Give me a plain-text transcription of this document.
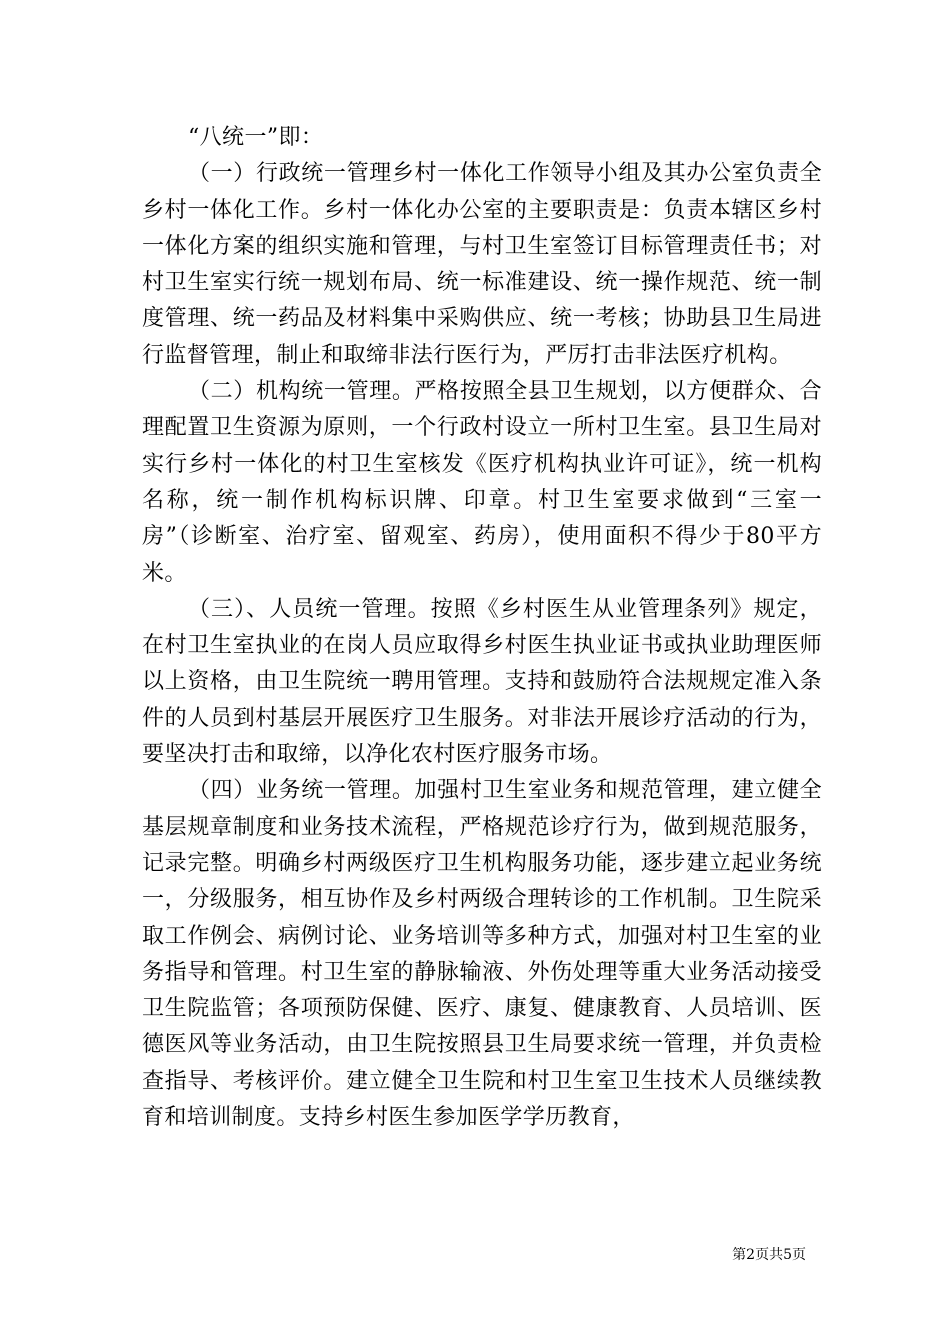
“八统一”即：

（一）行政统一管理乡村一体化工作领导小组及其办公室负责全乡村一体化工作。乡村一体化办公室的主要职责是：负责本辖区乡村一体化方案的组织实施和管理，与村卫生室签订目标管理责任书；对村卫生室实行统一规划布局、统一标准建设、统一操作规范、统一制度管理、统一药品及材料集中采购供应、统一考核；协助县卫生局进行监督管理，制止和取缔非法行医行为，严厉打击非法医疗机构。

（二）机构统一管理。严格按照全县卫生规划，以方便群众、合理配置卫生资源为原则，一个行政村设立一所村卫生室。县卫生局对实行乡村一体化的村卫生室核发《医疗机构执业许可证》，统一机构名称，统一制作机构标识牌、印章。村卫生室要求做到“三室一房”（诊断室、治疗室、留观室、药房），使用面积不得少于80平方米。

（三）、人员统一管理。按照《乡村医生从业管理条列》规定，在村卫生室执业的在岗人员应取得乡村医生执业证书或执业助理医师以上资格，由卫生院统一聘用管理。支持和鼓励符合法规规定准入条件的人员到村基层开展医疗卫生服务。对非法开展诊疗活动的行为，要坚决打击和取缔，以净化农村医疗服务市场。

（四）业务统一管理。加强村卫生室业务和规范管理，建立健全基层规章制度和业务技术流程，严格规范诊疗行为，做到规范服务，记录完整。明确乡村两级医疗卫生机构服务功能，逐步建立起业务统一，分级服务，相互协作及乡村两级合理转诊的工作机制。卫生院采取工作例会、病例讨论、业务培训等多种方式，加强对村卫生室的业务指导和管理。村卫生室的静脉输液、外伤处理等重大业务活动接受卫生院监管；各项预防保健、医疗、康复、健康教育、人员培训、医德医风等业务活动，由卫生院按照县卫生局要求统一管理，并负责检查指导、考核评价。建立健全卫生院和村卫生室卫生技术人员继续教育和培训制度。支持乡村医生参加医学学历教育，

第2页共5页
